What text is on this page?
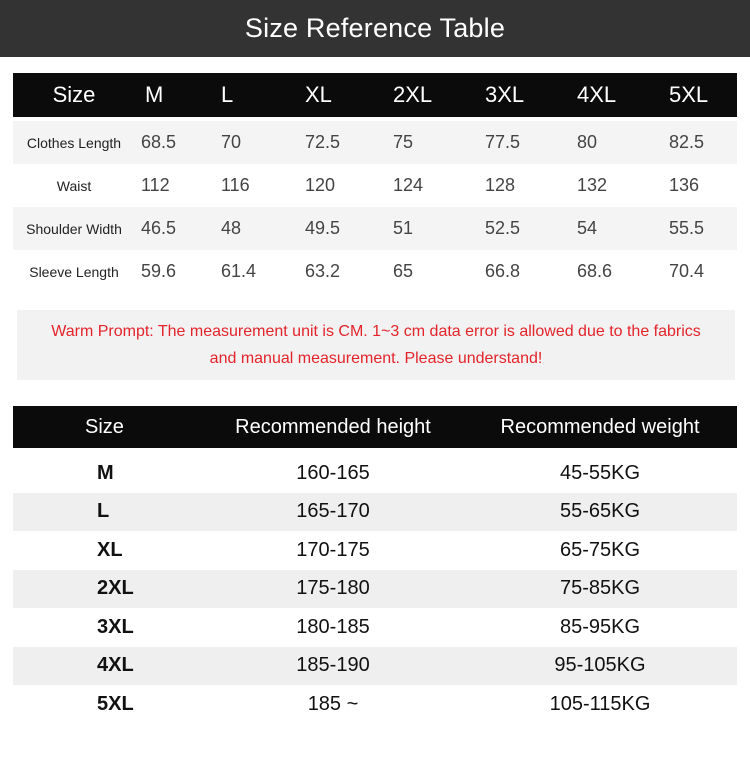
Size Reference Table
Size	M	L	XL	2XL	3XL	4XL	5XL
Clothes Length	68.5	70	72.5	75	77.5	80	82.5
Waist	112	116	120	124	128	132	136
Shoulder Width	46.5	48	49.5	51	52.5	54	55.5
Sleeve Length	59.6	61.4	63.2	65	66.8	68.6	70.4
Warm Prompt: The measurement unit is CM. 1~3 cm data error is allowed due to the fabrics
and manual measurement. Please understand!
Size	Recommended height	Recommended weight
M	160-165	45-55KG
L	165-170	55-65KG
XL	170-175	65-75KG
2XL	175-180	75-85KG
3XL	180-185	85-95KG
4XL	185-190	95-105KG
5XL	185 ~	105-115KG
